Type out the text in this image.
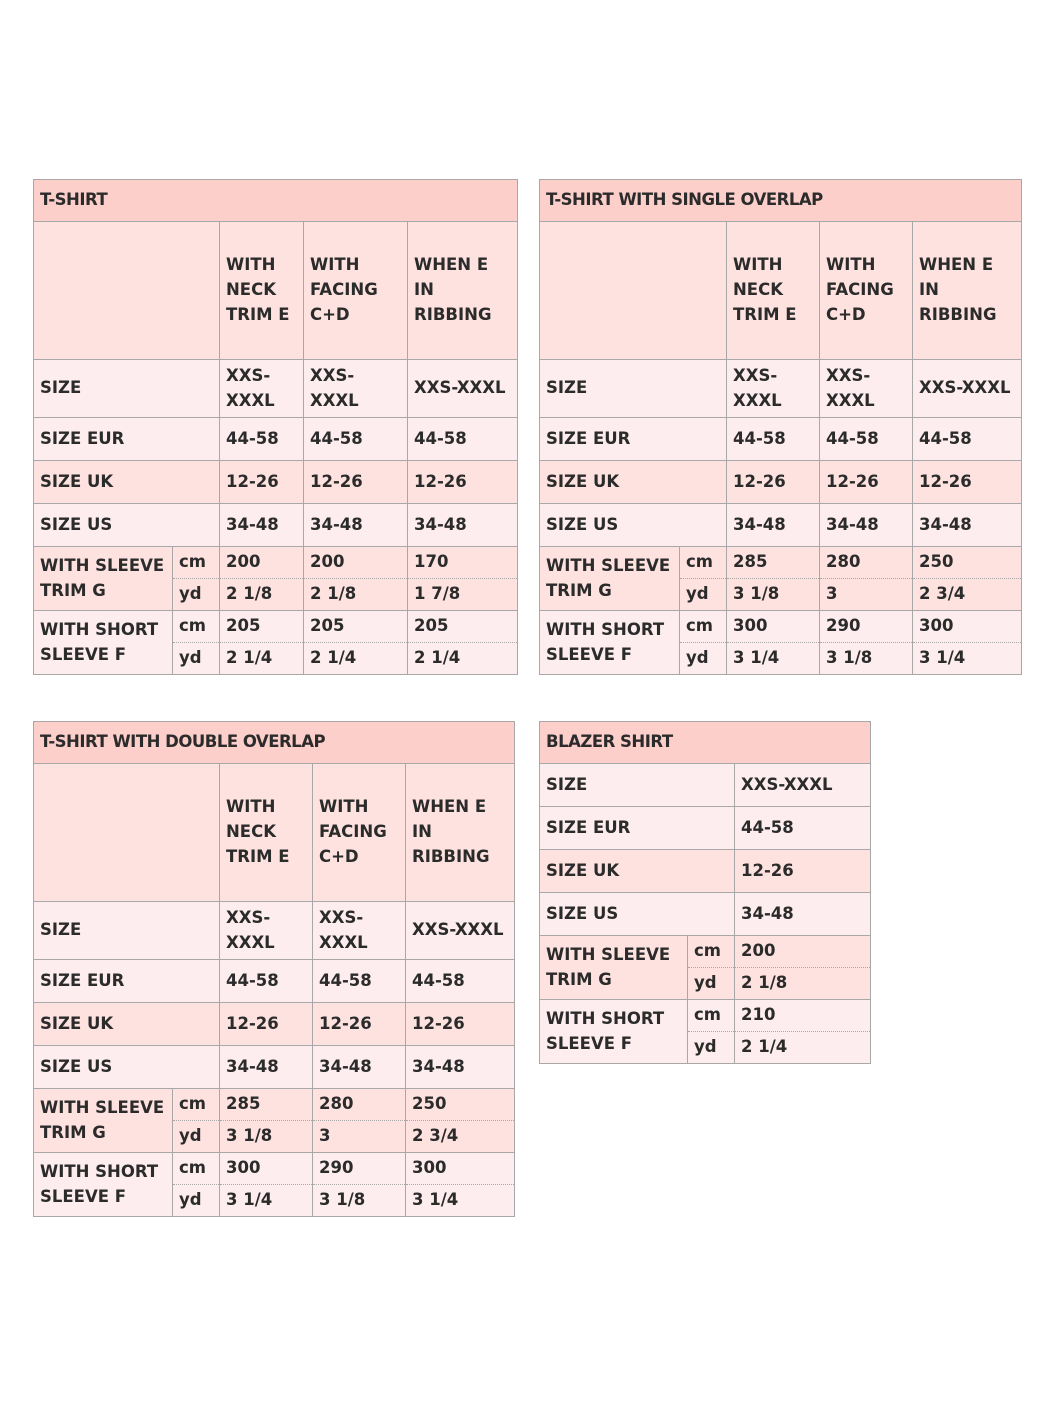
T-SHIRT				
		WITH NECK TRIM E	WITH FACING C+D	WHEN E IN RIBBING
SIZE		XXS-XXXL	XXS-XXXL	XXS-XXXL
SIZE EUR		44-58	44-58	44-58
SIZE UK		12-26	12-26	12-26
SIZE US		34-48	34-48	34-48
WITH SLEEVE TRIM G	cm	200	200	170
	yd	2 1/8	2 1/8	1 7/8
WITH SHORT SLEEVE F	cm	205	205	205
	yd	2 1/4	2 1/4	2 1/4
T-SHIRT WITH SINGLE OVERLAP				
		WITH NECK TRIM E	WITH FACING C+D	WHEN E IN RIBBING
SIZE		XXS-XXXL	XXS-XXXL	XXS-XXXL
SIZE EUR		44-58	44-58	44-58
SIZE UK		12-26	12-26	12-26
SIZE US		34-48	34-48	34-48
WITH SLEEVE TRIM G	cm	285	280	250
	yd	3 1/8	3	2 3/4
WITH SHORT SLEEVE F	cm	300	290	300
	yd	3 1/4	3 1/8	3 1/4
T-SHIRT WITH DOUBLE OVERLAP				
		WITH NECK TRIM E	WITH FACING C+D	WHEN E IN RIBBING
SIZE		XXS-XXXL	XXS-XXXL	XXS-XXXL
SIZE EUR		44-58	44-58	44-58
SIZE UK		12-26	12-26	12-26
SIZE US		34-48	34-48	34-48
WITH SLEEVE TRIM G	cm	285	280	250
	yd	3 1/8	3	2 3/4
WITH SHORT SLEEVE F	cm	300	290	300
	yd	3 1/4	3 1/8	3 1/4
BLAZER SHIRT		
SIZE		XXS-XXXL
SIZE EUR		44-58
SIZE UK		12-26
SIZE US		34-48
WITH SLEEVE TRIM G	cm	200
	yd	2 1/8
WITH SHORT SLEEVE F	cm	210
	yd	2 1/4
